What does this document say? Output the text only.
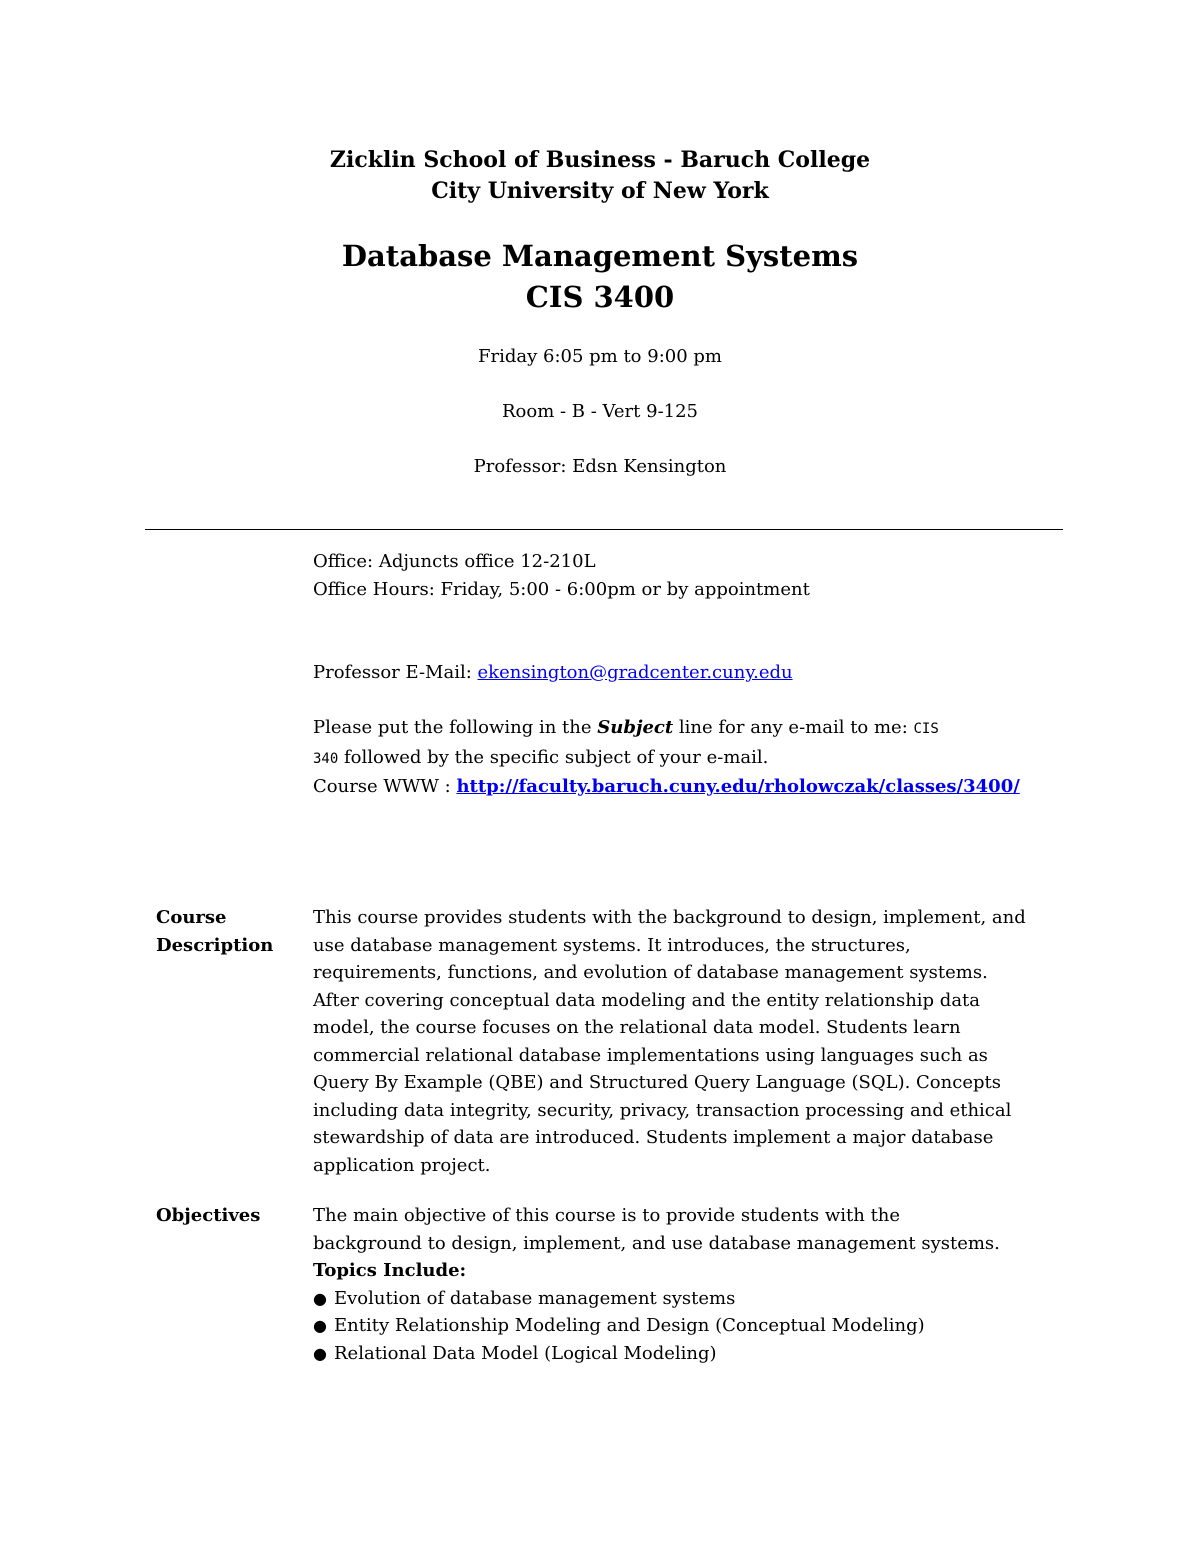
Zicklin School of Business - Baruch College
City University of New York
Database Management Systems
CIS 3400
Friday 6:05 pm to 9:00 pm
Room - B - Vert 9-125
Professor: Edsn Kensington
Office: Adjuncts office 12-210L
Office Hours: Friday, 5:00 - 6:00pm or by appointment
Professor E-Mail: ekensington@gradcenter.cuny.edu
Please put the following in the Subject line for any e-mail to me: CIS
340 followed by the specific subject of your e-mail.
Course WWW : http://faculty.baruch.cuny.edu/rholowczak/classes/3400/
Course
Description
This course provides students with the background to design, implement, and use database management systems. It introduces, the structures, requirements, functions, and evolution of database management systems. After covering conceptual data modeling and the entity relationship data model, the course focuses on the relational data model. Students learn commercial relational database implementations using languages such as Query By Example (QBE) and Structured Query Language (SQL). Concepts including data integrity, security, privacy, transaction processing and ethical stewardship of data are introduced. Students implement a major database application project.
Objectives	The main objective of this course is to provide students with the background to design, implement, and use database management systems.
Topics Include:
● Evolution of database management systems
● Entity Relationship Modeling and Design (Conceptual Modeling)
● Relational Data Model (Logical Modeling)
